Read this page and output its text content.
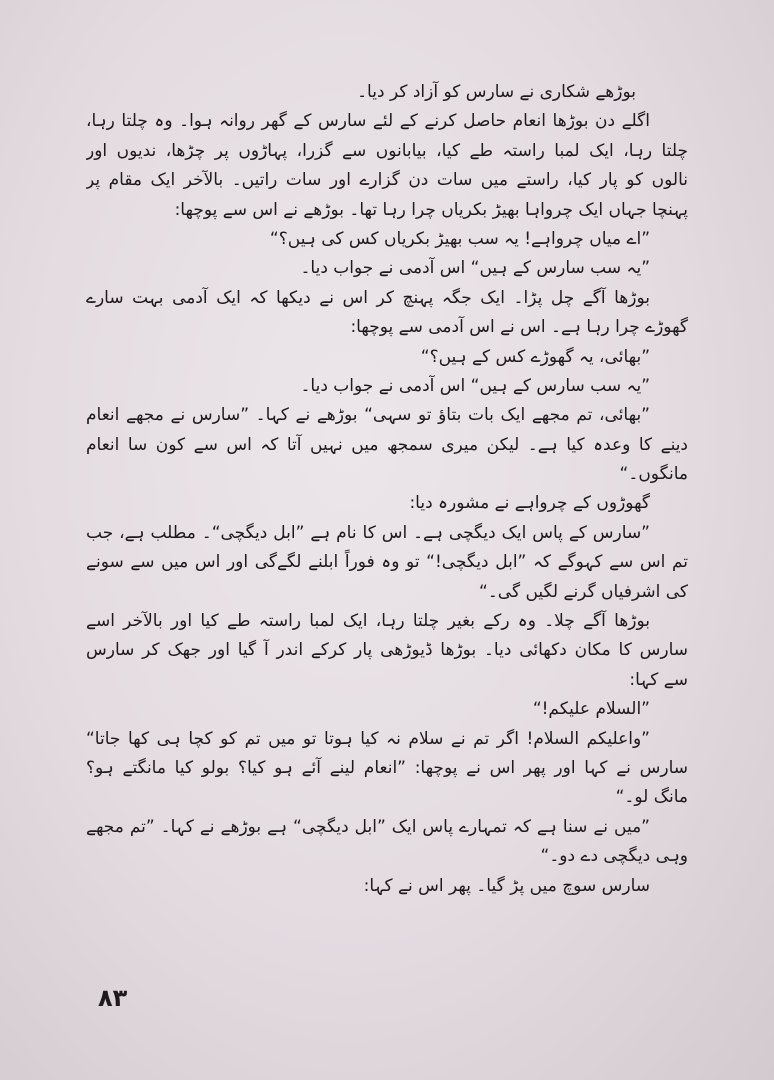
بوڑھے شکاری نے سارس کو آزاد کر دیا۔
اگلے دن بوڑھا انعام حاصل کرنے کے لئے سارس کے گھر روانہ ہوا۔ وہ چلتا رہا،
چلتا رہا، ایک لمبا راستہ طے کیا، بیابانوں سے گزرا، پہاڑوں پر چڑھا، ندیوں اور
نالوں کو پار کیا، راستے میں سات دن گزارے اور سات راتیں۔ بالآخر ایک مقام پر
پہنچا جہاں ایک چرواہا بھیڑ بکریاں چرا رہا تھا۔ بوڑھے نے اس سے پوچھا:
”اے میاں چرواہے! یہ سب بھیڑ بکریاں کس کی ہیں؟“
”یہ سب سارس کے ہیں“ اس آدمی نے جواب دیا۔
بوڑھا آگے چل پڑا۔ ایک جگہ پہنچ کر اس نے دیکھا کہ ایک آدمی بہت سارے
گھوڑے چرا رہا ہے۔ اس نے اس آدمی سے پوچھا:
”بھائی، یہ گھوڑے کس کے ہیں؟“
”یہ سب سارس کے ہیں“ اس آدمی نے جواب دیا۔
”بھائی، تم مجھے ایک بات بتاؤ تو سہی“ بوڑھے نے کہا۔ ”سارس نے مجھے انعام
دینے کا وعدہ کیا ہے۔ لیکن میری سمجھ میں نہیں آتا کہ اس سے کون سا انعام
مانگوں۔“
گھوڑوں کے چرواہے نے مشورہ دیا:
”سارس کے پاس ایک دیگچی ہے۔ اس کا نام ہے ”ابل دیگچی“۔ مطلب ہے، جب
تم اس سے کہوگے کہ ”ابل دیگچی!“ تو وہ فوراً ابلنے لگےگی اور اس میں سے سونے
کی اشرفیاں گرنے لگیں گی۔“
بوڑھا آگے چلا۔ وہ رکے بغیر چلتا رہا، ایک لمبا راستہ طے کیا اور بالآخر اسے
سارس کا مکان دکھائی دیا۔ بوڑھا ڈیوڑھی پار کرکے اندر آ گیا اور جھک کر سارس
سے کہا:
”السلام علیکم!“
”واعلیکم السلام! اگر تم نے سلام نہ کیا ہوتا تو میں تم کو کچا ہی کھا جاتا“
سارس نے کہا اور پھر اس نے پوچھا: ”انعام لینے آئے ہو کیا؟ بولو کیا مانگتے ہو؟
مانگ لو۔“
”میں نے سنا ہے کہ تمہارے پاس ایک ”ابل دیگچی“ ہے بوڑھے نے کہا۔ ”تم مجھے
وہی دیگچی دے دو۔“
سارس سوچ میں پڑ گیا۔ پھر اس نے کہا:
۸۳
